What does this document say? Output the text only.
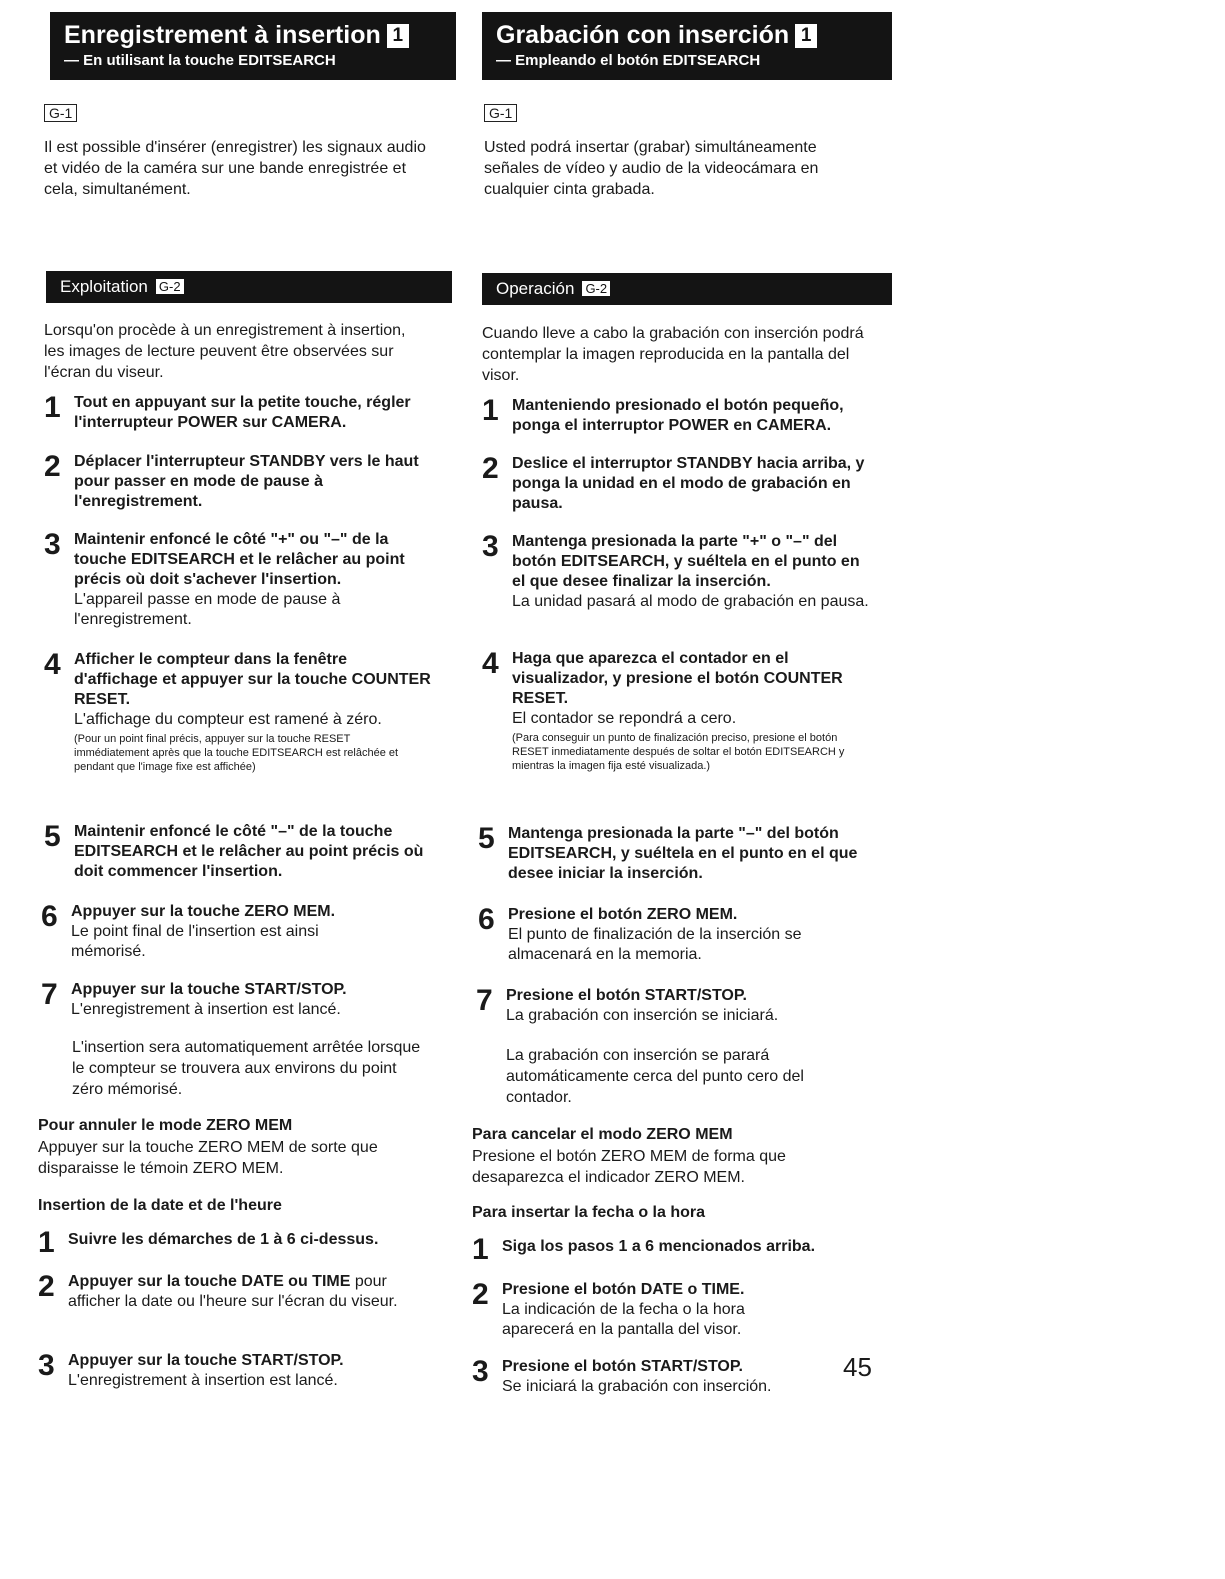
Enregistrement à insertion 1
— En utilisant la touche EDITSEARCH
G-1
Il est possible d'insérer (enregistrer) les signaux audio et vidéo de la caméra sur une bande enregistrée et cela, simultanément.
Exploitation G-2
Lorsqu'on procède à un enregistrement à insertion, les images de lecture peuvent être observées sur l'écran du viseur.
1 Tout en appuyant sur la petite touche, régler l'interrupteur POWER sur CAMERA.
2 Déplacer l'interrupteur STANDBY vers le haut pour passer en mode de pause à l'enregistrement.
3 Maintenir enfoncé le côté "+" ou "–" de la touche EDITSEARCH et le relâcher au point précis où doit s'achever l'insertion.
L'appareil passe en mode de pause à l'enregistrement.
4 Afficher le compteur dans la fenêtre d'affichage et appuyer sur la touche COUNTER RESET.
L'affichage du compteur est ramené à zéro.
(Pour un point final précis, appuyer sur la touche RESET immédiatement après que la touche EDITSEARCH est relâchée et pendant que l'image fixe est affichée)
5 Maintenir enfoncé le côté "–" de la touche EDITSEARCH et le relâcher au point précis où doit commencer l'insertion.
6 Appuyer sur la touche ZERO MEM.
Le point final de l'insertion est ainsi mémorisé.
7 Appuyer sur la touche START/STOP.
L'enregistrement à insertion est lancé.
L'insertion sera automatiquement arrêtée lorsque le compteur se trouvera aux environs du point zéro mémorisé.
Pour annuler le mode ZERO MEM
Appuyer sur la touche ZERO MEM de sorte que disparaisse le témoin ZERO MEM.
Insertion de la date et de l'heure
1 Suivre les démarches de 1 à 6 ci-dessus.
2 Appuyer sur la touche DATE ou TIME pour afficher la date ou l'heure sur l'écran du viseur.
3 Appuyer sur la touche START/STOP.
L'enregistrement à insertion est lancé.
Grabación con inserción 1
— Empleando el botón EDITSEARCH
G-1
Usted podrá insertar (grabar) simultáneamente señales de vídeo y audio de la videocámara en cualquier cinta grabada.
Operación G-2
Cuando lleve a cabo la grabación con inserción podrá contemplar la imagen reproducida en la pantalla del visor.
1 Manteniendo presionado el botón pequeño, ponga el interruptor POWER en CAMERA.
2 Deslice el interruptor STANDBY hacia arriba, y ponga la unidad en el modo de grabación en pausa.
3 Mantenga presionada la parte "+" o "–" del botón EDITSEARCH, y suéltela en el punto en el que desee finalizar la inserción.
La unidad pasará al modo de grabación en pausa.
4 Haga que aparezca el contador en el visualizador, y presione el botón COUNTER RESET.
El contador se repondrá a cero.
(Para conseguir un punto de finalización preciso, presione el botón RESET inmediatamente después de soltar el botón EDITSEARCH y mientras la imagen fija esté visualizada.)
5 Mantenga presionada la parte "–" del botón EDITSEARCH, y suéltela en el punto en el que desee iniciar la inserción.
6 Presione el botón ZERO MEM.
El punto de finalización de la inserción se almacenará en la memoria.
7 Presione el botón START/STOP.
La grabación con inserción se iniciará.
La grabación con inserción se parará automáticamente cerca del punto cero del contador.
Para cancelar el modo ZERO MEM
Presione el botón ZERO MEM de forma que desaparezca el indicador ZERO MEM.
Para insertar la fecha o la hora
1 Siga los pasos 1 a 6 mencionados arriba.
2 Presione el botón DATE o TIME.
La indicación de la fecha o la hora aparecerá en la pantalla del visor.
3 Presione el botón START/STOP.
Se iniciará la grabación con inserción.
45
